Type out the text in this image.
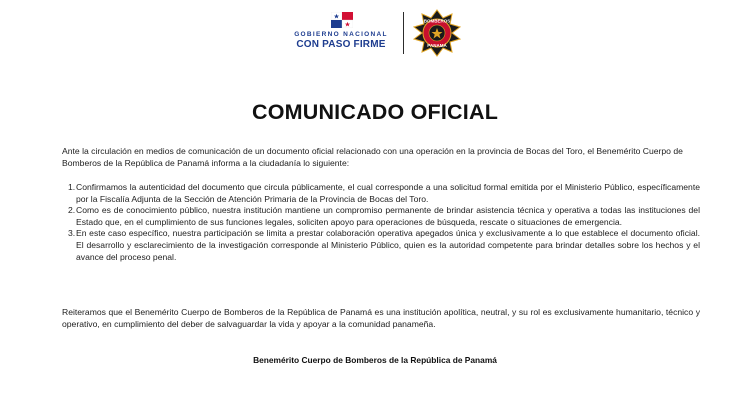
GOBIERNO NACIONAL
CON PASO FIRME
BOMBEROS
PANAMÁ
COMUNICADO OFICIAL
Ante la circulación en medios de comunicación de un documento oficial relacionado con una operación en la provincia de Bocas del Toro, el Benemérito Cuerpo de Bomberos de la República de Panamá informa a la ciudadanía lo siguiente:
1. Confirmamos la autenticidad del documento que circula públicamente, el cual corresponde a una solicitud formal emitida por el Ministerio Público, específicamente por la Fiscalía Adjunta de la Sección de Atención Primaria de la Provincia de Bocas del Toro.
2. Como es de conocimiento público, nuestra institución mantiene un compromiso permanente de brindar asistencia técnica y operativa a todas las instituciones del Estado que, en el cumplimiento de sus funciones legales, soliciten apoyo para operaciones de búsqueda, rescate o situaciones de emergencia.
3. En este caso específico, nuestra participación se limita a prestar colaboración operativa apegados única y exclusivamente a lo que establece el documento oficial. El desarrollo y esclarecimiento de la investigación corresponde al Ministerio Público, quien es la autoridad competente para brindar detalles sobre los hechos y el avance del proceso penal.
Reiteramos que el Benemérito Cuerpo de Bomberos de la República de Panamá es una institución apolítica, neutral, y su rol es exclusivamente humanitario, técnico y operativo, en cumplimiento del deber de salvaguardar la vida y apoyar a la comunidad panameña.
Benemérito Cuerpo de Bomberos de la República de Panamá
